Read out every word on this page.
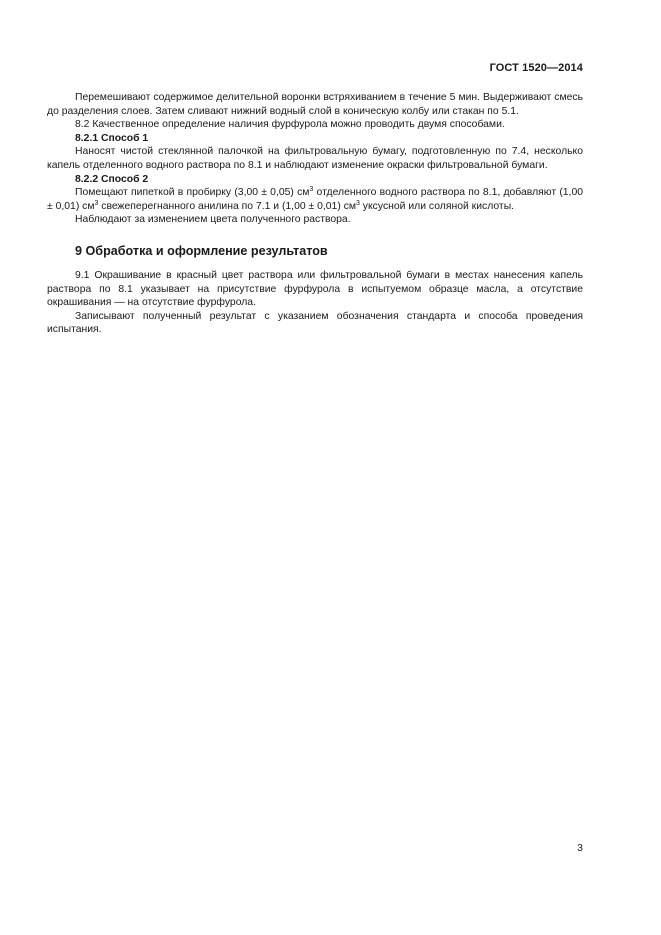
ГОСТ 1520—2014

Перемешивают содержимое делительной воронки встряхиванием в течение 5 мин. Выдерживают смесь до разделения слоев. Затем сливают нижний водный слой в коническую колбу или стакан по 5.1.

8.2 Качественное определение наличия фурфурола можно проводить двумя способами.

8.2.1 Способ 1

Наносят чистой стеклянной палочкой на фильтровальную бумагу, подготовленную по 7.4, несколько капель отделенного водного раствора по 8.1 и наблюдают изменение окраски фильтровальной бумаги.

8.2.2 Способ 2

Помещают пипеткой в пробирку (3,00 ± 0,05) $см^3$ отделенного водного раствора по 8.1, добавляют (1,00 ± 0,01) $см^3$ свежеперегнанного анилина по 7.1 и (1,00 ± 0,01) $см^3$ уксусной или соляной кислоты.

Наблюдают за изменением цвета полученного раствора.

9 Обработка и оформление результатов

9.1 Окрашивание в красный цвет раствора или фильтровальной бумаги в местах нанесения капель раствора по 8.1 указывает на присутствие фурфурола в испытуемом образце масла, а отсутствие окрашивания — на отсутствие фурфурола.

Записывают полученный результат с указанием обозначения стандарта и способа проведения испытания.

3
